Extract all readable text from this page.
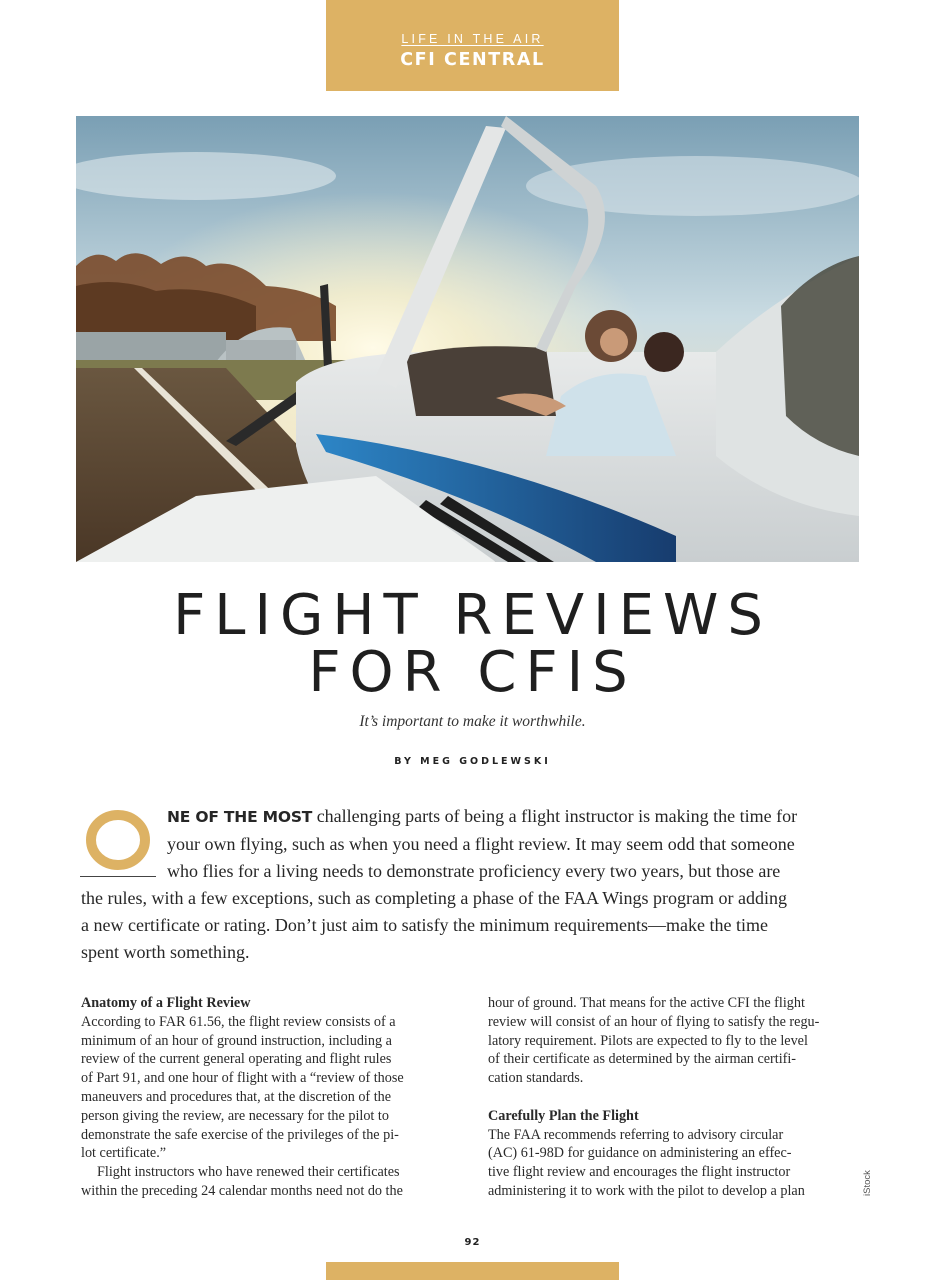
LIFE IN THE AIR
CFI CENTRAL
FLIGHT REVIEWS
FOR CFIS
It’s important to make it worthwhile.
BY MEG GODLEWSKI
NE OF THE MOST challenging parts of being a flight instructor is making the time for
your own flying, such as when you need a flight review. It may seem odd that someone
who flies for a living needs to demonstrate proficiency every two years, but those are
the rules, with a few exceptions, such as completing a phase of the FAA Wings program or adding
a new certificate or rating. Don’t just aim to satisfy the minimum requirements—make the time
spent worth something.
Anatomy of a Flight Review
According to FAR 61.56, the flight review consists of a
minimum of an hour of ground instruction, including a
review of the current general operating and flight rules
of Part 91, and one hour of flight with a “review of those
maneuvers and procedures that, at the discretion of the
person giving the review, are necessary for the pilot to
demonstrate the safe exercise of the privileges of the pi-
lot certificate.”
Flight instructors who have renewed their certificates
within the preceding 24 calendar months need not do the
hour of ground. That means for the active CFI the flight
review will consist of an hour of flying to satisfy the regu-
latory requirement. Pilots are expected to fly to the level
of their certificate as determined by the airman certifi-
cation standards.
Carefully Plan the Flight
The FAA recommends referring to advisory circular
(AC) 61-98D for guidance on administering an effec-
tive flight review and encourages the flight instructor
administering it to work with the pilot to develop a plan	iStock
92
